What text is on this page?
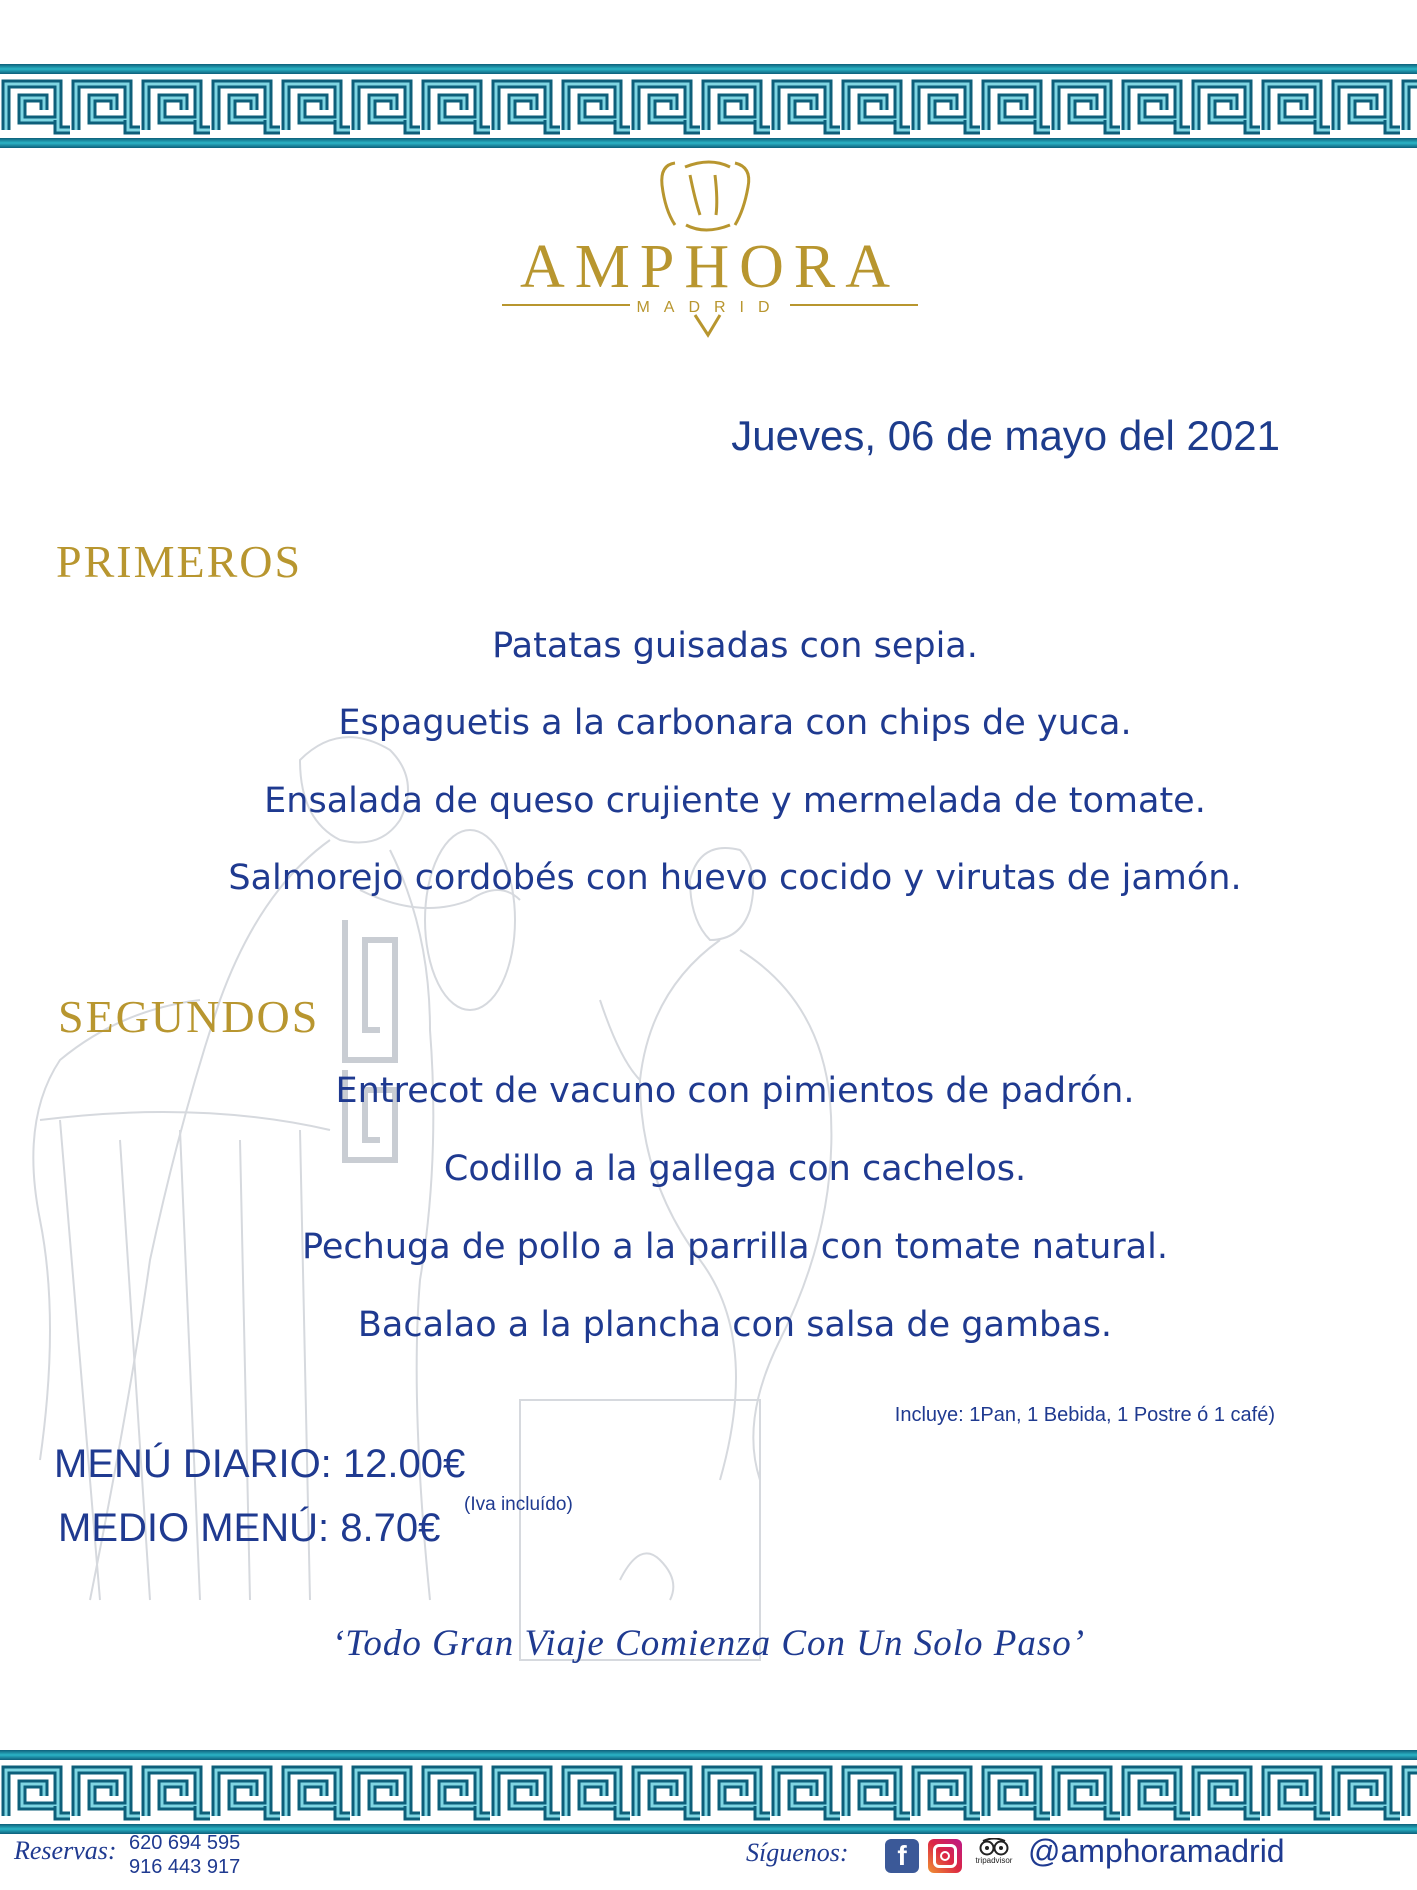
AMPHORA
MADRID
Jueves, 06 de mayo del 2021
PRIMEROS
Patatas guisadas con sepia.
Espaguetis a la carbonara con chips de yuca.
Ensalada de queso crujiente y mermelada de tomate.
Salmorejo cordobés con huevo cocido y virutas de jamón.
SEGUNDOS
Entrecot de vacuno con pimientos de padrón.
Codillo a la gallega con cachelos.
Pechuga de pollo a la parrilla con tomate natural.
Bacalao a la plancha con salsa de gambas.
Incluye: 1Pan, 1 Bebida, 1 Postre ó 1 café)
MENÚ DIARIO: 12.00€
MEDIO MENÚ: 8.70€
(Iva incluído)
‘Todo Gran Viaje Comienza Con Un Solo Paso’
Reservas: 620 694 595
916 443 917	Síguenos:	f	tripadvisor @amphoramadrid
